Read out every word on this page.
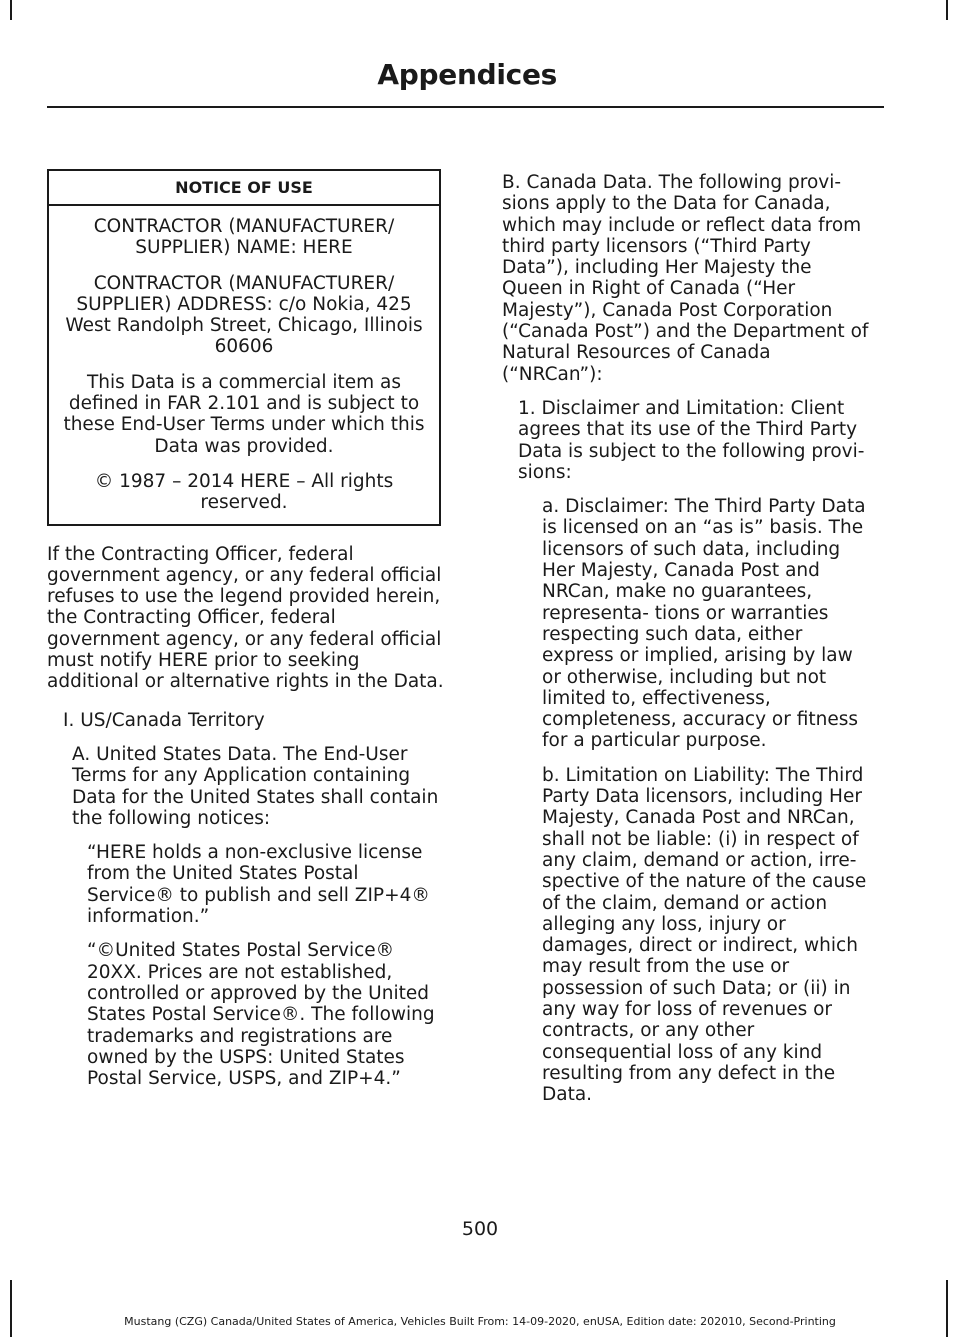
Appendices
NOTICE OF USE

CONTRACTOR (MANUFACTURER/ SUPPLIER) NAME: HERE

CONTRACTOR (MANUFACTURER/ SUPPLIER) ADDRESS: c/o Nokia, 425 West Randolph Street, Chicago, Illinois 60606

This Data is a commercial item as defined in FAR 2.101 and is subject to these End-User Terms under which this Data was provided.

© 1987 – 2014 HERE – All rights reserved.

If the Contracting Officer, federal government agency, or any federal official refuses to use the legend provided herein, the Contracting Officer, federal government agency, or any federal official must notify HERE prior to seeking additional or alternative rights in the Data.

I. US/Canada Territory

A. United States Data. The End-User Terms for any Application containing Data for the United States shall contain the following notices:

“HERE holds a non-exclusive license from the United States Postal Service® to publish and sell ZIP+4® information.”

“©United States Postal Service® 20XX. Prices are not established, controlled or approved by the United States Postal Service®. The following trademarks and registrations are owned by the USPS: United States Postal Service, USPS, and ZIP+4.”

B. Canada Data. The following provi- sions apply to the Data for Canada, which may include or reflect data from third party licensors (“Third Party Data”), including Her Majesty the Queen in Right of Canada (“Her Majesty”), Canada Post Corporation (“Canada Post”) and the Department of Natural Resources of Canada (“NRCan”):

1. Disclaimer and Limitation: Client agrees that its use of the Third Party Data is subject to the following provi- sions:

a. Disclaimer: The Third Party Data is licensed on an “as is” basis. The licensors of such data, including Her Majesty, Canada Post and NRCan, make no guarantees, representa- tions or warranties respecting such data, either express or implied, arising by law or otherwise, including but not limited to, effectiveness, completeness, accuracy or fitness for a particular purpose.

b. Limitation on Liability: The Third Party Data licensors, including Her Majesty, Canada Post and NRCan, shall not be liable: (i) in respect of any claim, demand or action, irre- spective of the nature of the cause of the claim, demand or action alleging any loss, injury or damages, direct or indirect, which may result from the use or possession of such Data; or (ii) in any way for loss of revenues or contracts, or any other consequential loss of any kind resulting from any defect in the Data.

500
Mustang (CZG) Canada/United States of America, Vehicles Built From: 14-09-2020, enUSA, Edition date: 202010, Second-Printing
